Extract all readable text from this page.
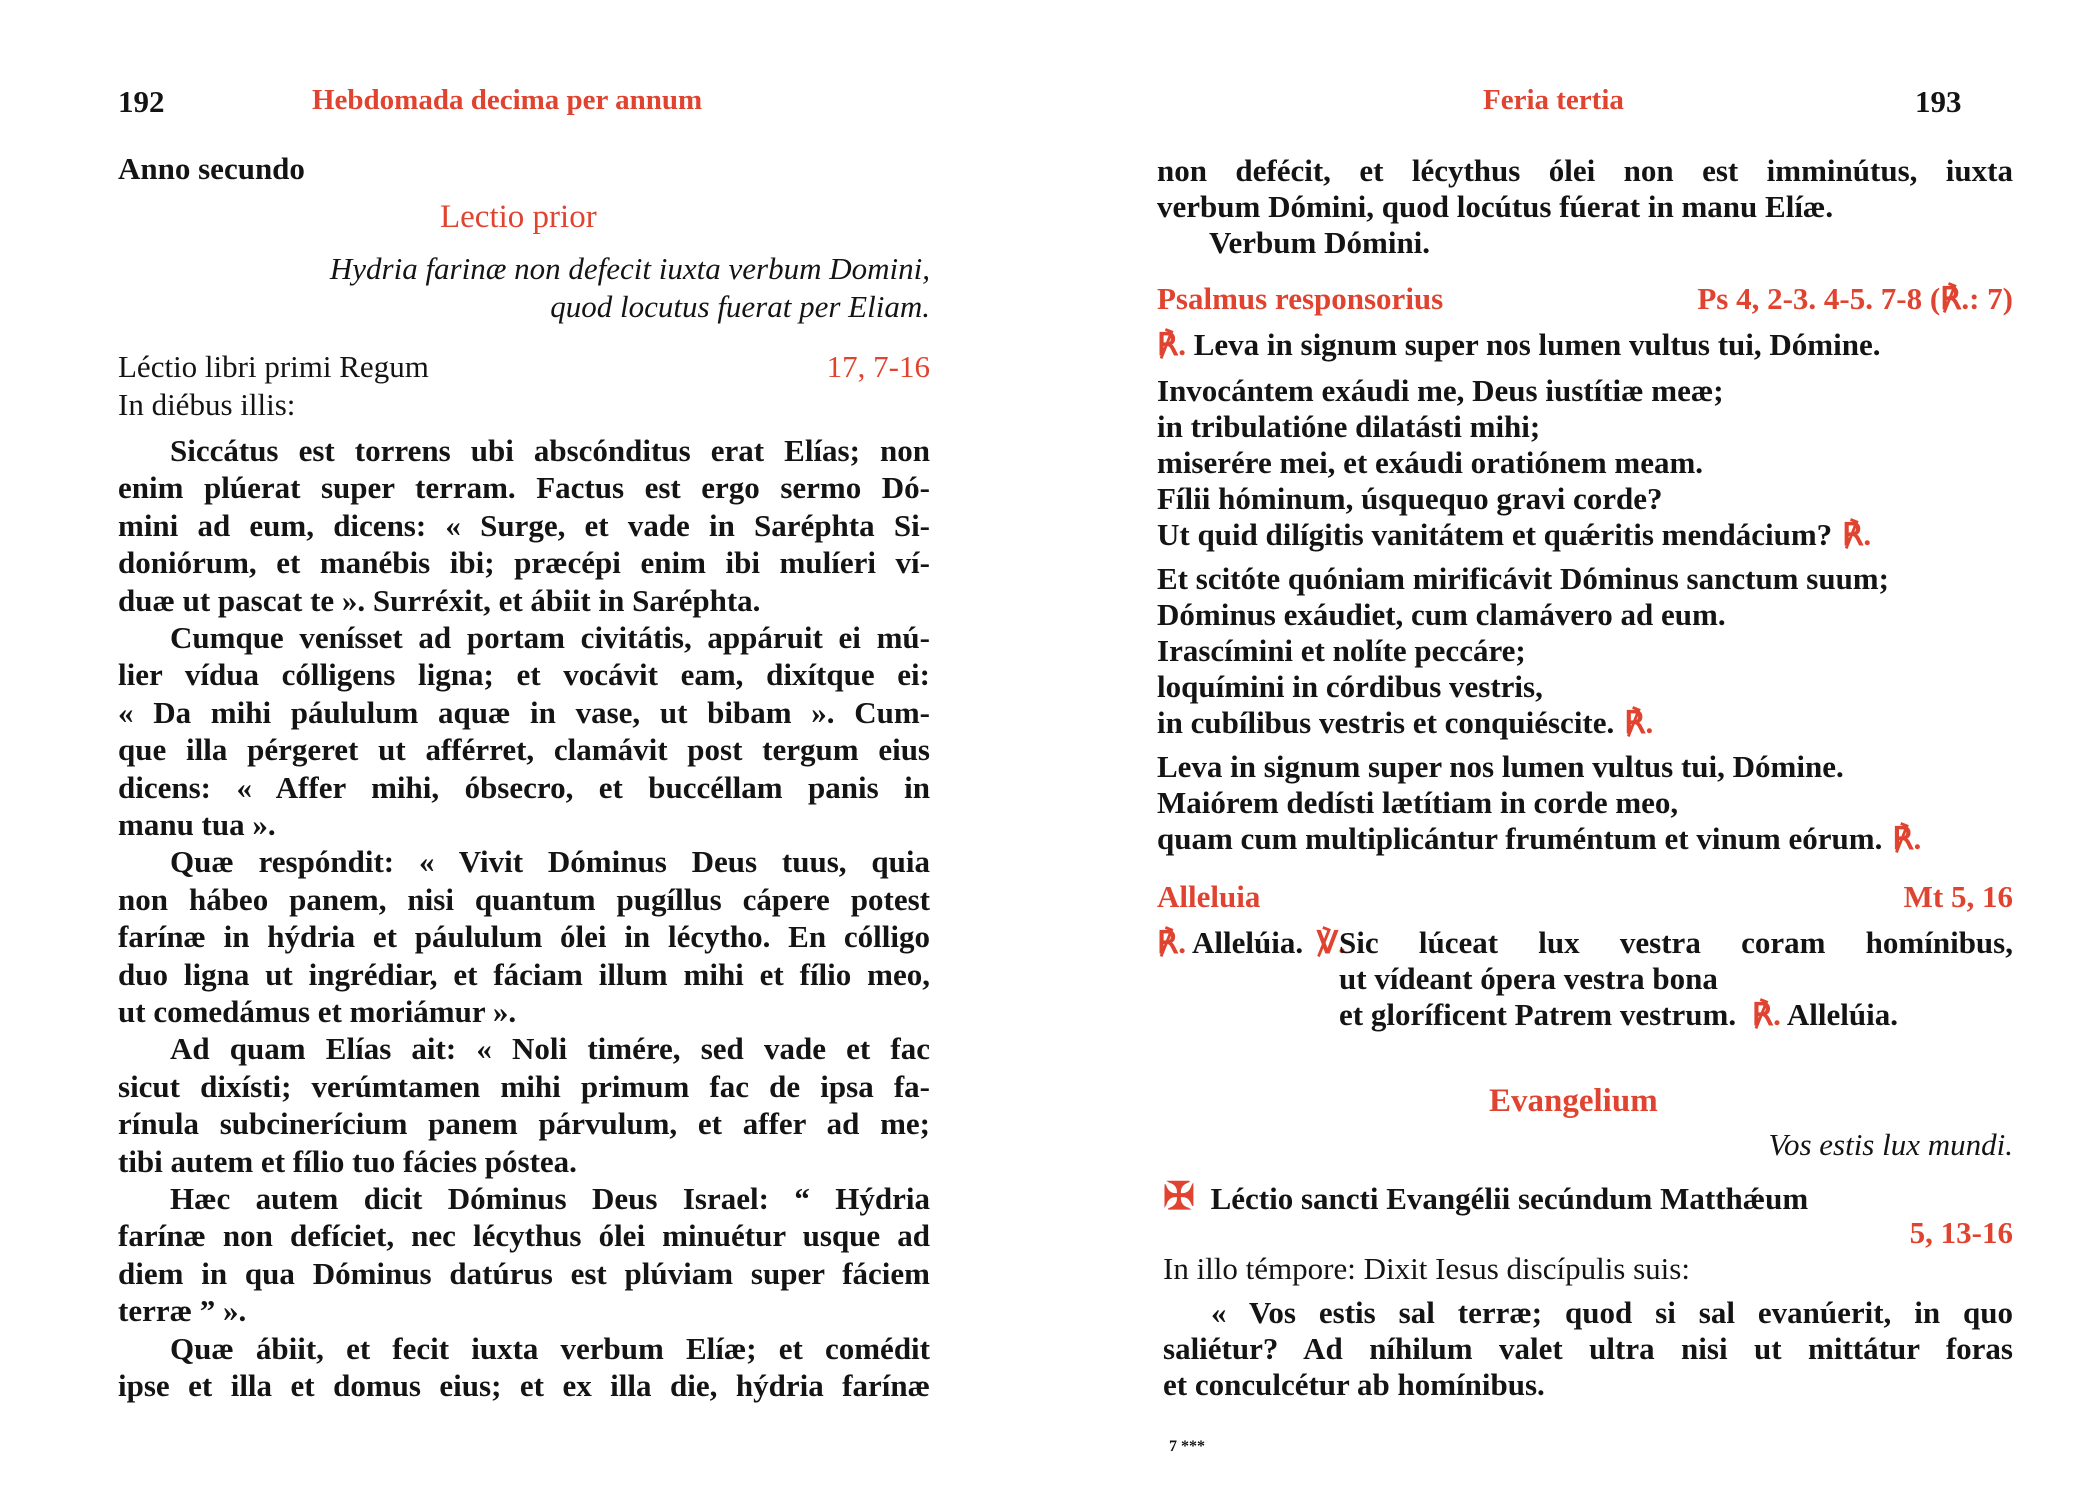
192	Hebdomada decima per annum
Anno secundo
Lectio prior
Hydria farinæ non defecit iuxta verbum Domini,
quod locutus fuerat per Eliam.
Léctio libri primi Regum	17, 7-16
In diébus illis:
Siccátus est torrens ubi abscónditus erat Elías; non
enim plúerat super terram. Factus est ergo sermo Dó-
mini ad eum, dicens: « Surge, et vade in Saréphta Si-
doniórum, et manébis ibi; præcépi enim ibi mulíeri ví-
duæ ut pascat te ». Surréxit, et ábiit in Saréphta.
Cumque venísset ad portam civitátis, appáruit ei mú-
lier vídua cólligens ligna; et vocávit eam, dixítque ei:
« Da mihi páululum aquæ in vase, ut bibam ». Cum-
que illa pérgeret ut afférret, clamávit post tergum eius
dicens: « Affer mihi, óbsecro, et buccéllam panis in
manu tua ».
Quæ respóndit: « Vivit Dóminus Deus tuus, quia
non hábeo panem, nisi quantum pugíllus cápere potest
farínæ in hýdria et páululum ólei in lécytho. En cólligo
duo ligna ut ingrédiar, et fáciam illum mihi et fílio meo,
ut comedámus et moriámur ».
Ad quam Elías ait: « Noli timére, sed vade et fac
sicut dixísti; verúmtamen mihi primum fac de ipsa fa-
rínula subcinerícium panem párvulum, et affer ad me;
tibi autem et fílio tuo fácies póstea.
Hæc autem dicit Dóminus Deus Israel: “ Hýdria
farínæ non defíciet, nec lécythus ólei minuétur usque ad
diem in qua Dóminus datúrus est plúviam super fáciem
terræ ” ».
Quæ ábiit, et fecit iuxta verbum Elíæ; et comédit
ipse et illa et domus eius; et ex illa die, hýdria farínæ
Feria tertia	193
non defécit, et lécythus ólei non est imminútus, iuxta
verbum Dómini, quod locútus fúerat in manu Elíæ.
Verbum Dómini.
Psalmus responsorius	Ps 4, 2-3. 4-5. 7-8 (℟.: 7)
℟. Leva in signum super nos lumen vultus tui, Dómine.
Invocántem exáudi me, Deus iustítiæ meæ;
in tribulatióne dilatásti mihi;
miserére mei, et exáudi oratiónem meam.
Fílii hóminum, úsquequo gravi corde?
Ut quid dilígitis vanitátem et quǽritis mendácium? ℟.
Et scitóte quóniam mirificávit Dóminus sanctum suum;
Dóminus exáudiet, cum clamávero ad eum.
Irascímini et nolíte peccáre;
loquímini in córdibus vestris,
in cubílibus vestris et conquiéscite. ℟.
Leva in signum super nos lumen vultus tui, Dómine.
Maiórem dedísti lætítiam in corde meo,
quam cum multiplicántur fruméntum et vinum eórum. ℟.
Alleluia	Mt 5, 16
℟. Allelúia. ℣.
Sic lúceat lux vestra coram homínibus,
ut vídeant ópera vestra bona
et gloríficent Patrem vestrum. ℟. Allelúia.
Evangelium
Vos estis lux mundi.
✠ Léctio sancti Evangélii secúndum Matthǽum
5, 13-16
In illo témpore: Dixit Iesus discípulis suis:
« Vos estis sal terræ; quod si sal evanúerit, in quo
saliétur? Ad níhilum valet ultra nisi ut mittátur foras
et conculcétur ab homínibus.
7 ***
